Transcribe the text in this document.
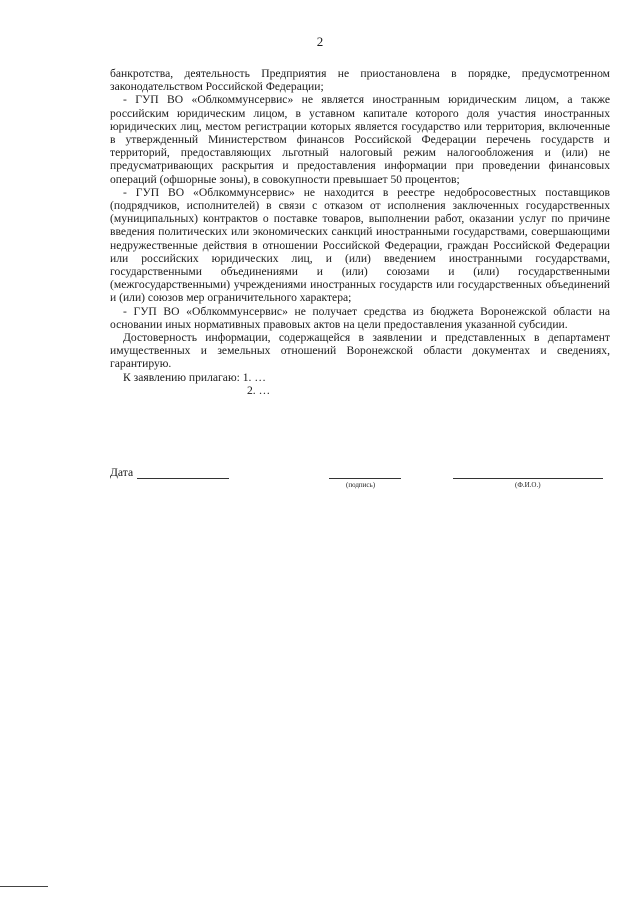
2

банкротства, деятельность Предприятия не приостановлена в порядке, предусмотренном законодательством Российской Федерации;

- ГУП ВО «Облкоммунсервис» не является иностранным юридическим лицом, а также российским юридическим лицом, в уставном капитале которого доля участия иностранных юридических лиц, местом регистрации которых является государство или территория, включенные в утвержденный Министерством финансов Российской Федерации перечень государств и территорий, предоставляющих льготный налоговый режим налогообложения и (или) не предусматривающих раскрытия и предоставления информации при проведении финансовых операций (офшорные зоны), в совокупности превышает 50 процентов;

- ГУП ВО «Облкоммунсервис» не находится в реестре недобросовестных поставщиков (подрядчиков, исполнителей) в связи с отказом от исполнения заключенных государственных (муниципальных) контрактов о поставке товаров, выполнении работ, оказании услуг по причине введения политических или экономических санкций иностранными государствами, совершающими недружественные действия в отношении Российской Федерации, граждан Российской Федерации или российских юридических лиц, и (или) введением иностранными государствами, государственными объединениями и (или) союзами и (или) государственными (межгосударственными) учреждениями иностранных государств или государственных объединений и (или) союзов мер ограничительного характера;

- ГУП ВО «Облкоммунсервис» не получает средства из бюджета Воронежской области на основании иных нормативных правовых актов на цели предоставления указанной субсидии.

Достоверность информации, содержащейся в заявлении и представленных в департамент имущественных и земельных отношений Воронежской области документах и сведениях, гарантирую.

К заявлению прилагаю: 1. …

2. …

Дата
(подпись)	(Ф.И.О.)
